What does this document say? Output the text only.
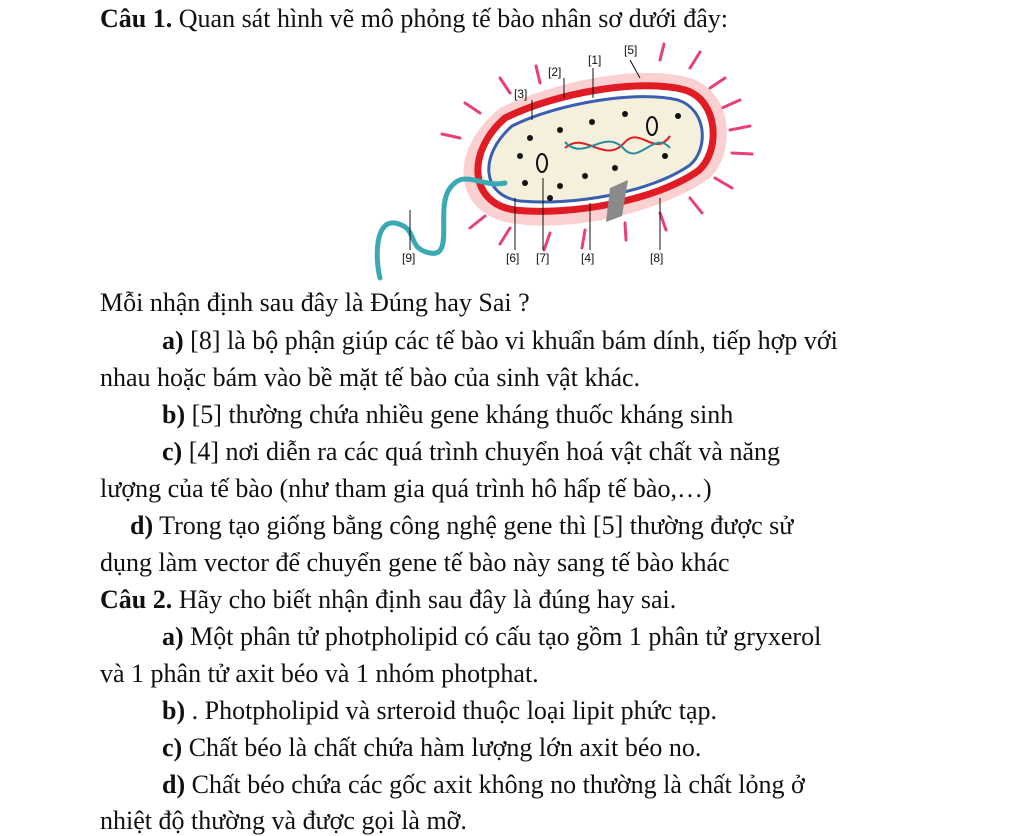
Câu 1. Quan sát hình vẽ mô phỏng tế bào nhân sơ dưới đây:
[1]
[2]
[3]
[4]
[5]
[6] [7]	[8]
[9]
Mỗi nhận định sau đây là Đúng hay Sai ?
a) [8] là bộ phận giúp các tế bào vi khuẩn bám dính, tiếp hợp với
nhau hoặc bám vào bề mặt tế bào của sinh vật khác.
b) [5] thường chứa nhiều gene kháng thuốc kháng sinh
c) [4] nơi diễn ra các quá trình chuyển hoá vật chất và năng
lượng của tế bào (như tham gia quá trình hô hấp tế bào,…)
d) Trong tạo giống bằng công nghệ gene thì [5] thường được sử
dụng làm vector để chuyển gene tế bào này sang tế bào khác
Câu 2. Hãy cho biết nhận định sau đây là đúng hay sai.
a) Một phân tử photpholipid có cấu tạo gồm 1 phân tử gryxerol
và 1 phân tử axit béo và 1 nhóm photphat.
b) . Photpholipid và srteroid thuộc loại lipit phức tạp.
c) Chất béo là chất chứa hàm lượng lớn axit béo no.
d) Chất béo chứa các gốc axit không no thường là chất lỏng ở
nhiệt độ thường và được gọi là mỡ.
